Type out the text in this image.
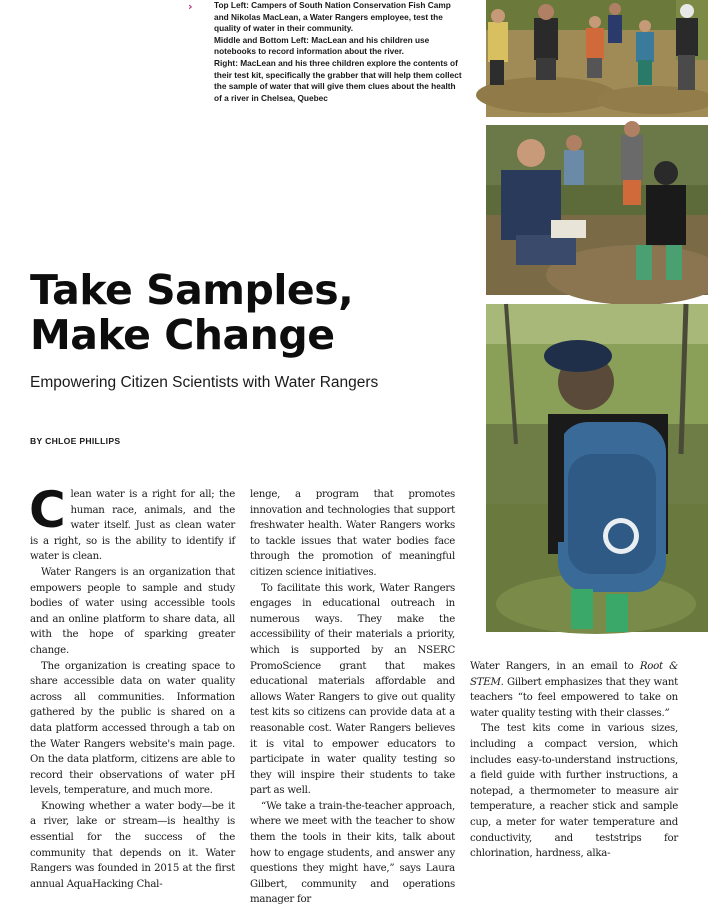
›	Top Left: Campers of South Nation Conservation Fish Camp and Nikolas MacLean, a Water Rangers employee, test the quality of water in their community.

Middle and Bottom Left: MacLean and his children use notebooks to record information about the river.

Right: MacLean and his three children explore the contents of their test kit, specifically the grabber that will help them collect the sample of water that will give them clues about the health of a river in Chelsea, Quebec

Take Samples,
Make Change
Empowering Citizen Scientists with Water Rangers
BY CHLOE PHILLIPS

Clean water is a right for all; the human race, animals, and the water itself. Just as clean water is a right, so is the ability to identify if water is clean.

Water Rangers is an organization that empowers people to sample and study bodies of water using accessible tools and an online platform to share data, all with the hope of sparking greater change.

The organization is creating space to share accessible data on water quality across all communities. Information gathered by the public is shared on a data platform accessed through a tab on the Water Rangers website's main page. On the data platform, citizens are able to record their observations of water pH levels, temperature, and much more.

Knowing whether a water body—be it a river, lake or stream—is healthy is essential for the success of the community that depends on it. Water Rangers was founded in 2015 at the first annual AquaHacking Chal-

lenge, a program that promotes innovation and technologies that support freshwater health. Water Rangers works to tackle issues that water bodies face through the promotion of meaningful citizen science initiatives.

To facilitate this work, Water Rangers engages in educational outreach in numerous ways. They make the accessibility of their materials a priority, which is supported by an NSERC PromoScience grant that makes educational materials affordable and allows Water Rangers to give out quality test kits so citizens can provide data at a reasonable cost. Water Rangers believes it is vital to empower educators to participate in water quality testing so they will inspire their students to take part as well.

“We take a train-the-teacher approach, where we meet with the teacher to show them the tools in their kits, talk about how to engage students, and answer any questions they might have,” says Laura Gilbert, community and operations manager for

Water Rangers, in an email to Root & STEM. Gilbert emphasizes that they want teachers “to feel empowered to take on water quality testing with their classes.”

The test kits come in various sizes, including a compact version, which includes easy-to-understand instructions, a field guide with further instructions, a notepad, a thermometer to measure air temperature, a reacher stick and sample cup, a meter for water temperature and conductivity, and teststrips for chlorination, hardness, alka-
